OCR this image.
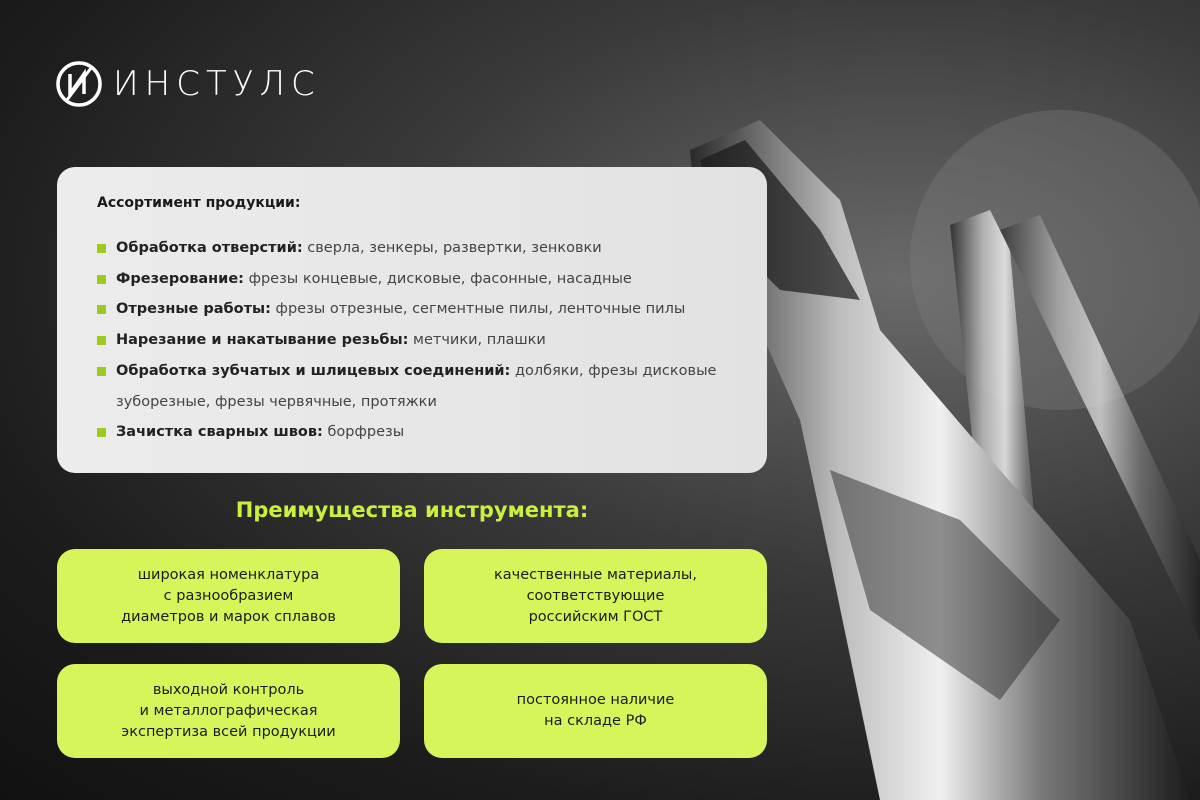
ИНСТУЛС
Ассортимент продукции:
Обработка отверстий: сверла, зенкеры, развертки, зенковки
Фрезерование: фрезы концевые, дисковые, фасонные, насадные
Отрезные работы: фрезы отрезные, сегментные пилы, ленточные пилы
Нарезание и накатывание резьбы: метчики, плашки
Обработка зубчатых и шлицевых соединений: долбяки, фрезы дисковые зуборезные, фрезы червячные, протяжки
Зачистка сварных швов: борфрезы
Преимущества инструмента:
широкая номенклатура
с разнообразием
диаметров и марок сплавов
качественные материалы,
соответствующие
российским ГОСТ
выходной контроль
и металлографическая
экспертиза всей продукции
постоянное наличие
на складе РФ
